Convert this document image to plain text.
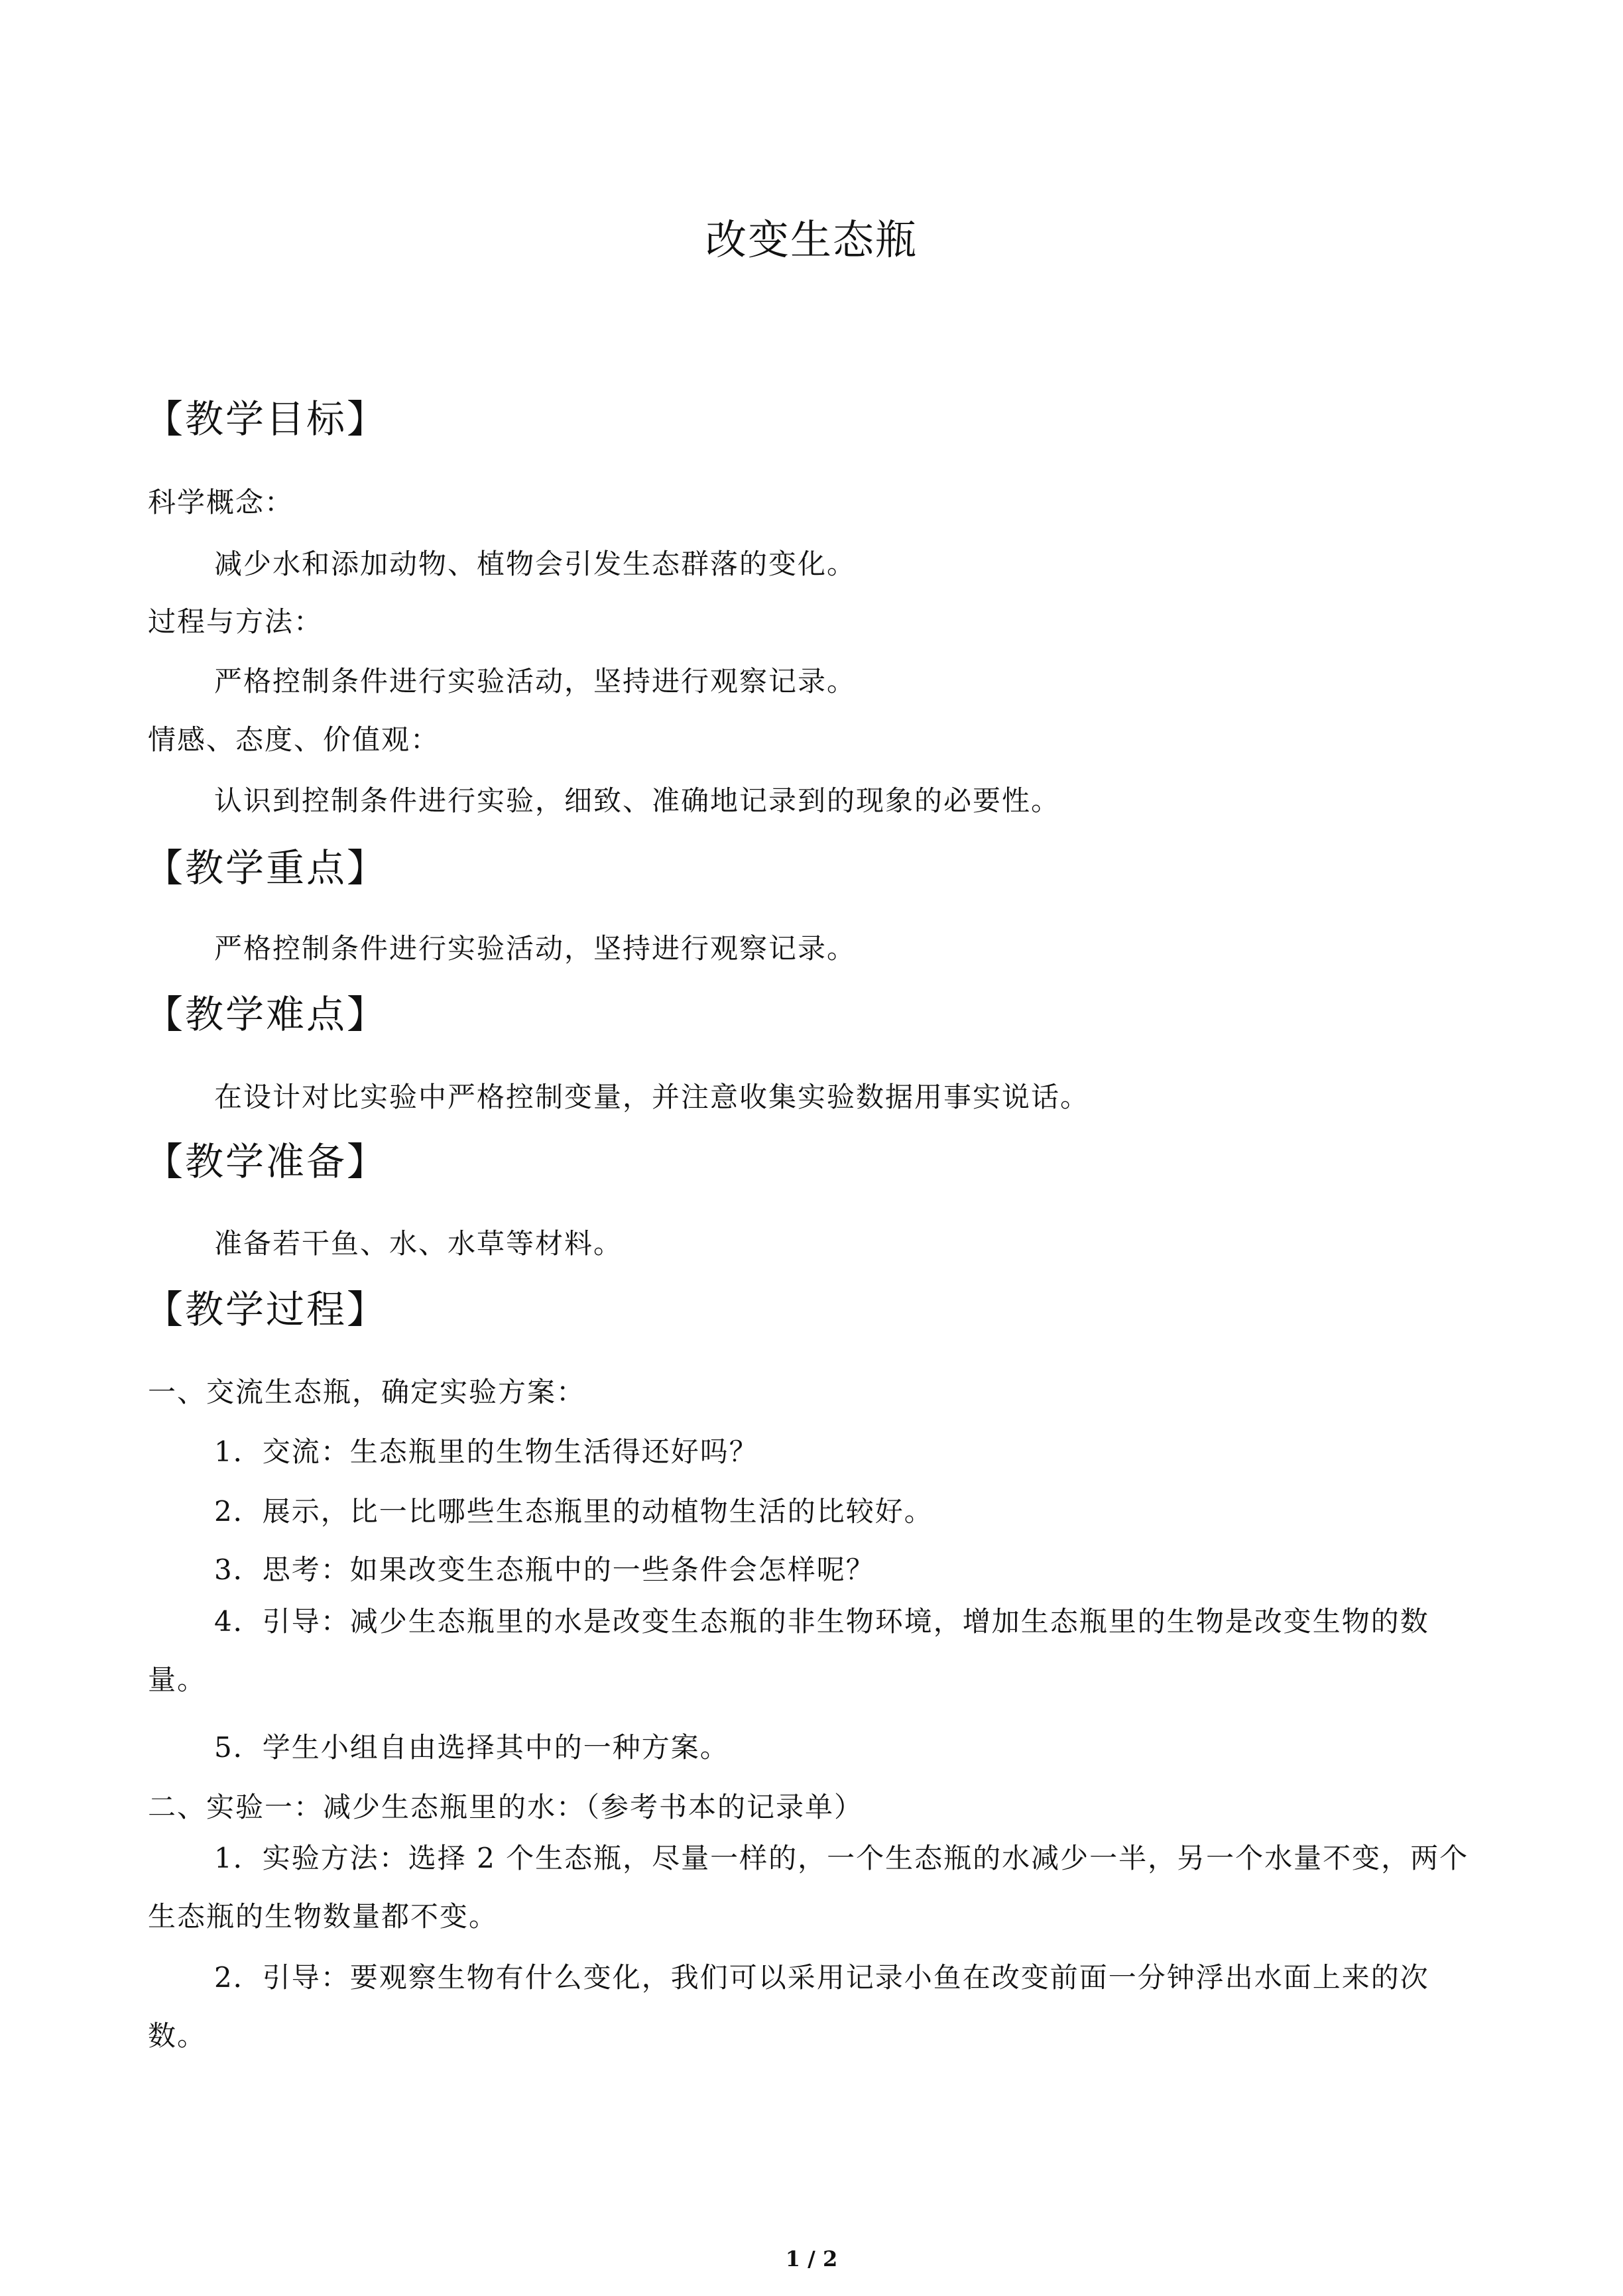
改变生态瓶
【教学目标】
科学概念：
减少水和添加动物、植物会引发生态群落的变化。
过程与方法：
严格控制条件进行实验活动，坚持进行观察记录。
情感、态度、价值观：
认识到控制条件进行实验，细致、准确地记录到的现象的必要性。
【教学重点】
严格控制条件进行实验活动，坚持进行观察记录。
【教学难点】
在设计对比实验中严格控制变量，并注意收集实验数据用事实说话。
【教学准备】
准备若干鱼、水、水草等材料。
【教学过程】
一、交流生态瓶，确定实验方案：
1．交流：生态瓶里的生物生活得还好吗？
2．展示，比一比哪些生态瓶里的动植物生活的比较好。
3．思考：如果改变生态瓶中的一些条件会怎样呢？
4．引导：减少生态瓶里的水是改变生态瓶的非生物环境，增加生态瓶里的生物是改变生物的数量。
5．学生小组自由选择其中的一种方案。
二、实验一：减少生态瓶里的水：（参考书本的记录单）
1．实验方法：选择 2 个生态瓶，尽量一样的，一个生态瓶的水减少一半，另一个水量不变，两个生态瓶的生物数量都不变。
2．引导：要观察生物有什么变化，我们可以采用记录小鱼在改变前面一分钟浮出水面上来的次数。
1 / 2
